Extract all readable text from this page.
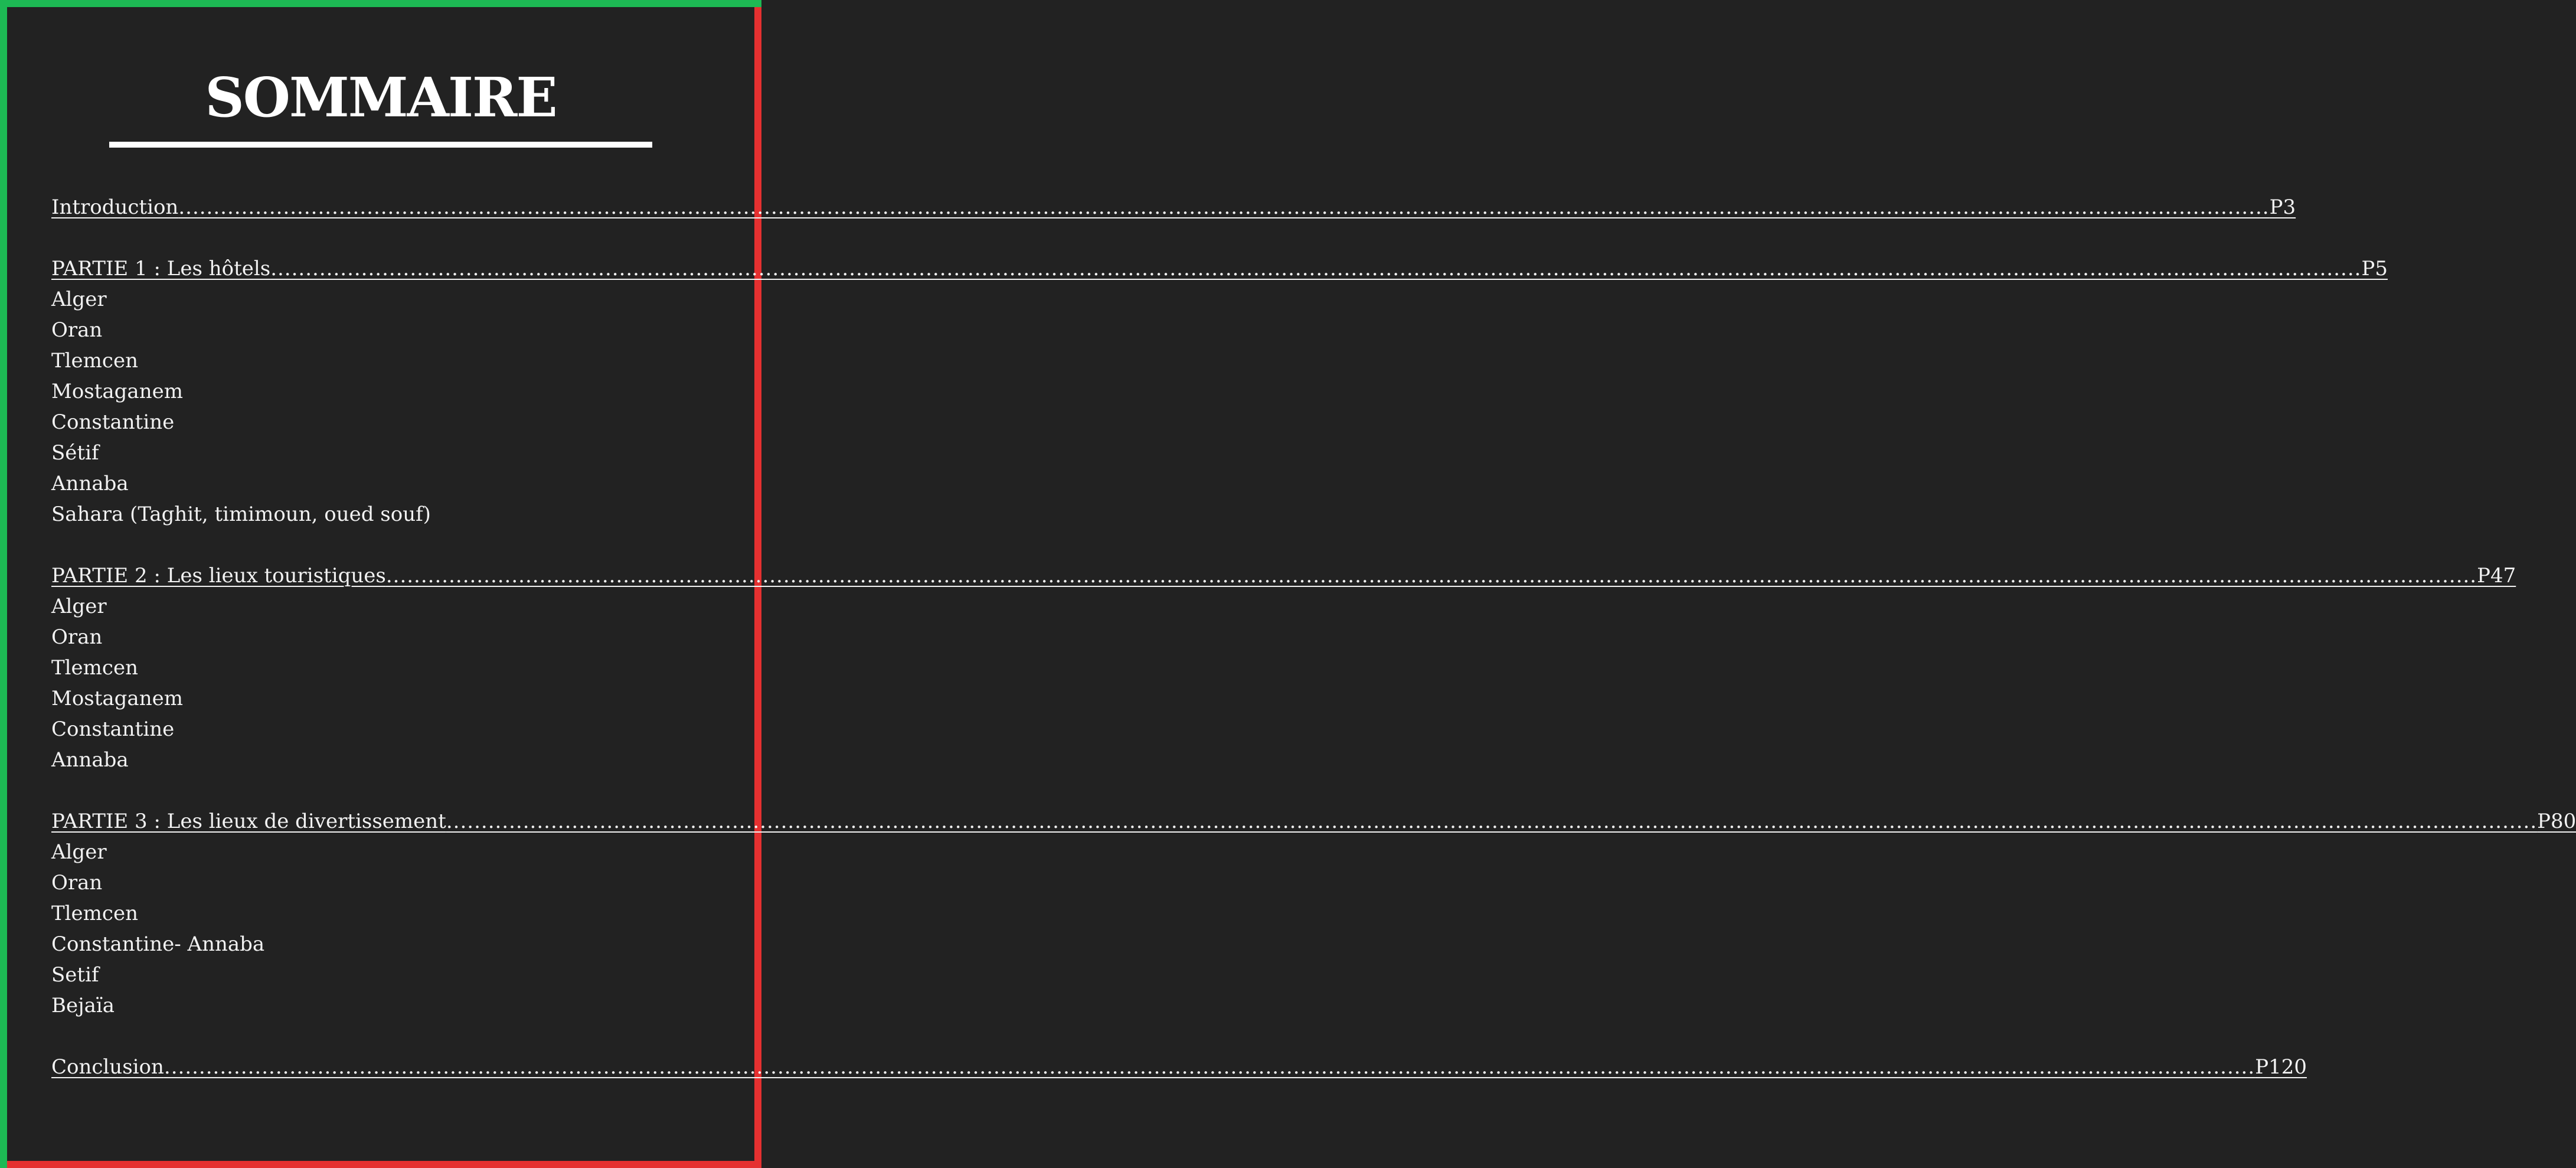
SOMMAIRE
Introduction ............................................................................................................................................................................................................................................................................................................ P3
PARTIE 1 : Les hôtels ............................................................................................................................................................................................................................................................................................................ P5
Alger
Oran
Tlemcen
Mostaganem
Constantine
Sétif
Annaba
Sahara (Taghit, timimoun, oued souf)
PARTIE 2 : Les lieux touristiques ............................................................................................................................................................................................................................................................................................................ P47
Alger
Oran
Tlemcen
Mostaganem
Constantine
Annaba
PARTIE 3 : Les lieux de divertissement ............................................................................................................................................................................................................................................................................................................ P80
Alger
Oran
Tlemcen
Constantine- Annaba
Setif
Bejaïa
Conclusion ............................................................................................................................................................................................................................................................................................................ P120
